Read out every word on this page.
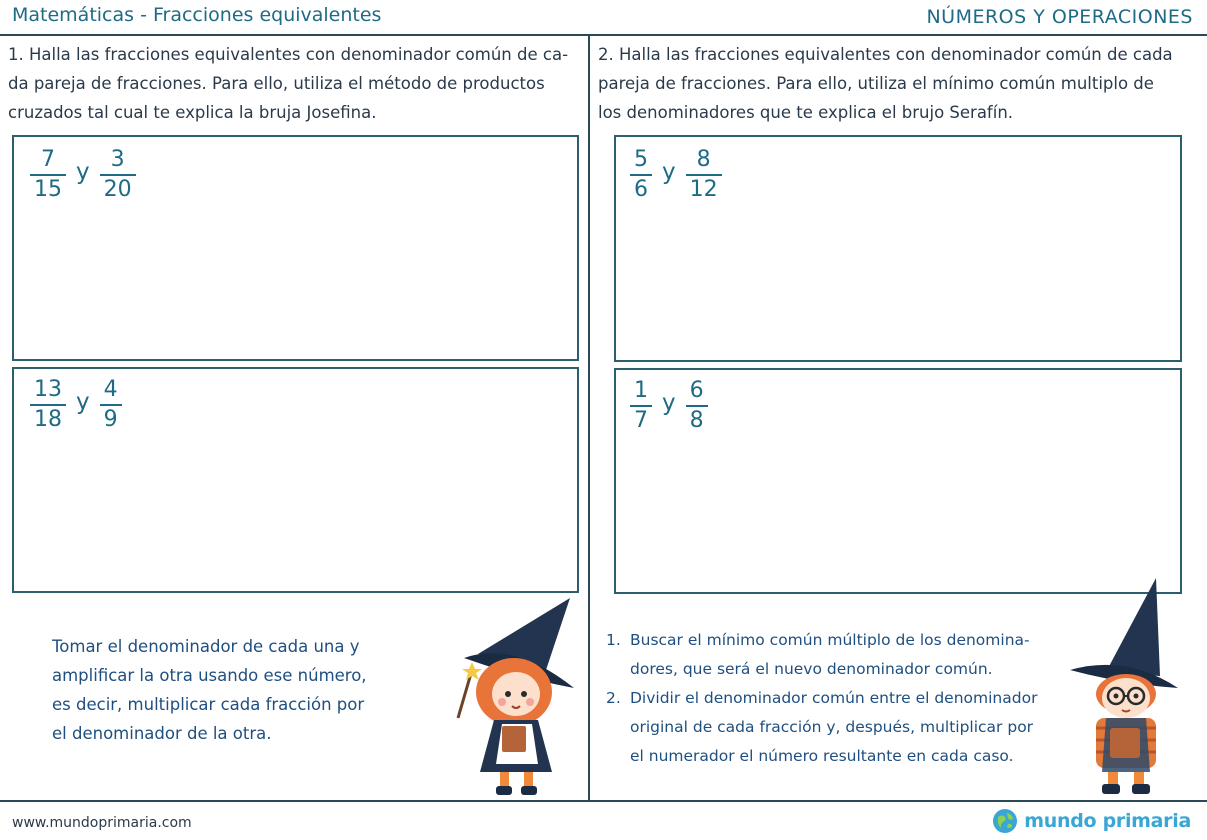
Matemáticas - Fracciones equivalentes	NÚMEROS Y OPERACIONES
1. Halla las fracciones equivalentes con denominador común de ca-
da pareja de fracciones. Para ello, utiliza el método de productos
cruzados tal cual te explica la bruja Josefina.
2. Halla las fracciones equivalentes con denominador común de cada
pareja de fracciones. Para ello, utiliza el mínimo común multiplo de
los denominadores que te explica el brujo Serafín.
$\frac{7}{15}$ y $\frac{3}{20}$
$\frac{13}{18}$ y $\frac{4}{9}$
$\frac{5}{6}$ y $\frac{8}{12}$
$\frac{1}{7}$ y $\frac{6}{8}$
Tomar el denominador de cada una y
amplificar la otra usando ese número,
es decir, multiplicar cada fracción por
el denominador de la otra.
1. Buscar el mínimo común múltiplo de los denomina-
dores, que será el nuevo denominador común.
2. Dividir el denominador común entre el denominador
original de cada fracción y, después, multiplicar por
el numerador el número resultante en cada caso.
www.mundoprimaria.com	mundo primaria
